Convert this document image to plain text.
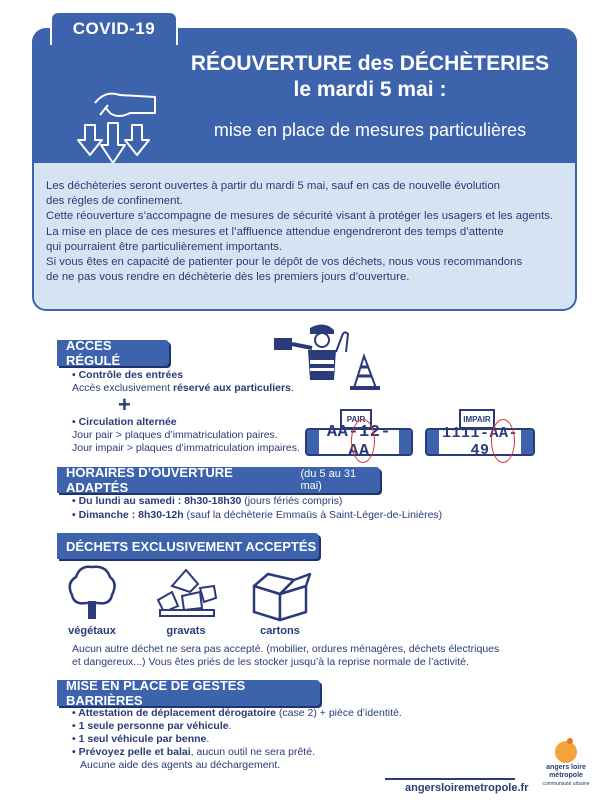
COVID-19
RÉOUVERTURE des DÉCHÈTERIES
le mardi 5 mai :
mise en place de mesures particulières

Les déchèteries seront ouvertes à partir du mardi 5 mai, sauf en cas de nouvelle évolution

des règles de confinement.

Cette réouverture s’accompagne de mesures de sécurité visant à protéger les usagers et les agents.

La mise en place de ces mesures et l’affluence attendue engendreront des temps d’attente

qui pourraient être particulièrement importants.

Si vous êtes en capacité de patienter pour le dépôt de vos déchets, nous vous recommandons

de ne pas vous rendre en déchèterie dès les premiers jours d’ouverture.

ACCÈS RÉGULÉ
• Contrôle des entrées
Accès exclusivement réservé aux particuliers.
+
• Circulation alternée
Jour pair > plaques d’immatriculation paires.
Jour impair > plaques d’immatriculation impaires.
PAIR
AA-12-AA
IMPAIR
1111-AA-49
HORAIRES D’OUVERTURE ADAPTÉS
(du 5 au 31 mai)
• Du lundi au samedi : 8h30-18h30 (jours fériés compris)
• Dimanche : 8h30-12h (sauf la déchèterie Emmaüs à Saint-Léger-de-Linières)
DÉCHETS EXCLUSIVEMENT ACCEPTÉS
végétaux	gravats	cartons
Aucun autre déchet ne sera pas accepté. (mobilier, ordures ménagères, déchets électriques
et dangereux...) Vous êtes priés de les stocker jusqu’à la reprise normale de l’activité.
MISE EN PLACE DE GESTES BARRIÈRES
• Attestation de déplacement dérogatoire (case 2) + pièce d’identité.
• 1 seule personne par véhicule.
• 1 seul véhicule par benne.
• Prévoyez pelle et balai, aucun outil ne sera prêté.
Aucune aide des agents au déchargement.
angersloiremetropole.fr
angers loire
métropole
communauté urbaine
